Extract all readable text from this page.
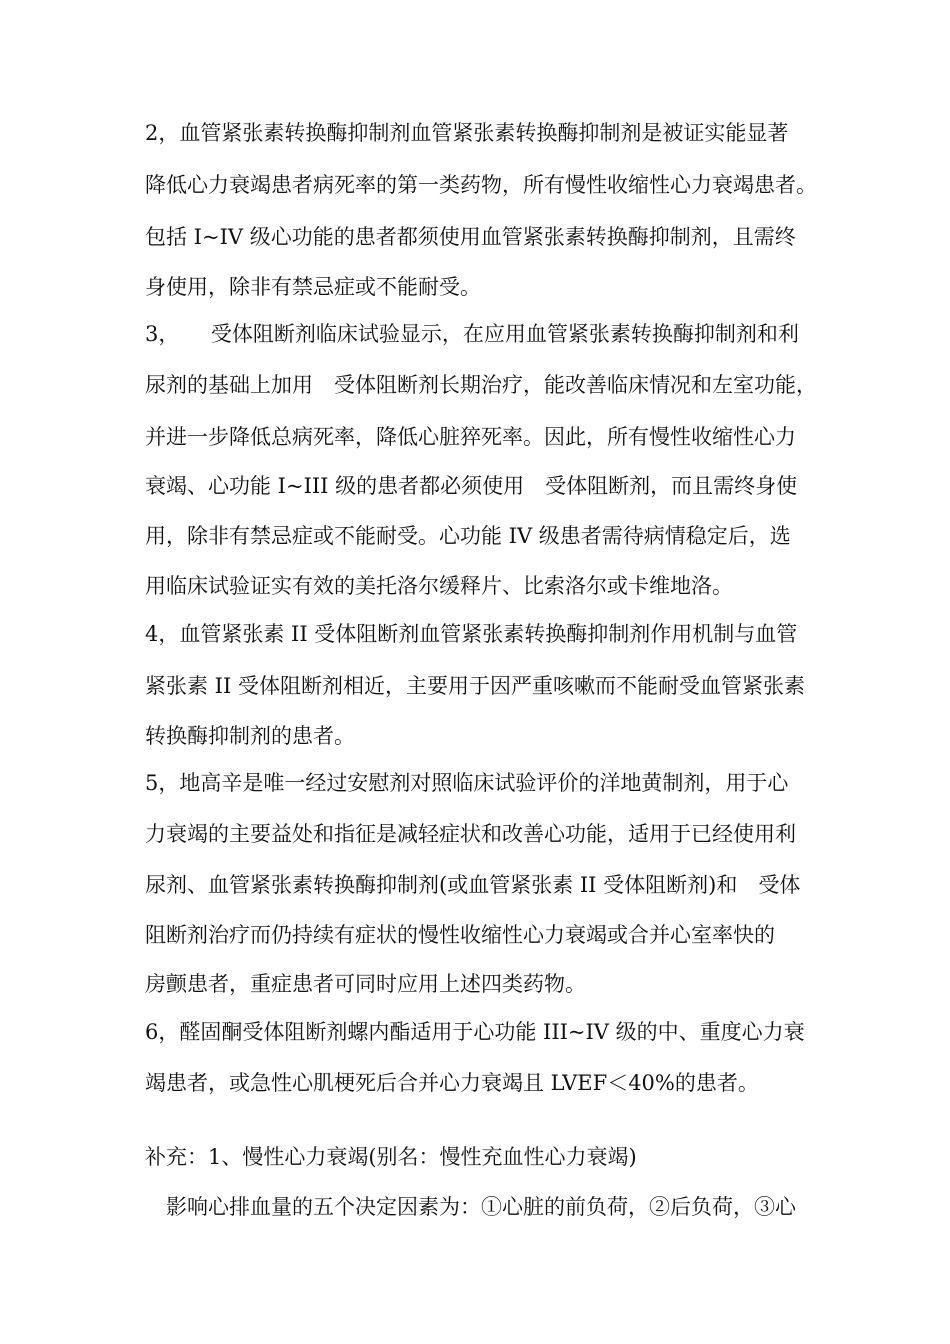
2，血管紧张素转换酶抑制剂血管紧张素转换酶抑制剂是被证实能显著
降低心力衰竭患者病死率的第一类药物，所有慢性收缩性心力衰竭患者。
包括 I~IV 级心功能的患者都须使用血管紧张素转换酶抑制剂，且需终
身使用，除非有禁忌症或不能耐受。
3，　　受体阻断剂临床试验显示，在应用血管紧张素转换酶抑制剂和利
尿剂的基础上加用　受体阻断剂长期治疗，能改善临床情况和左室功能，
并进一步降低总病死率，降低心脏猝死率。因此，所有慢性收缩性心力
衰竭、心功能 I~III 级的患者都必须使用　受体阻断剂，而且需终身使
用，除非有禁忌症或不能耐受。心功能 IV 级患者需待病情稳定后，选
用临床试验证实有效的美托洛尔缓释片、比索洛尔或卡维地洛。
4，血管紧张素 II 受体阻断剂血管紧张素转换酶抑制剂作用机制与血管
紧张素 II 受体阻断剂相近，主要用于因严重咳嗽而不能耐受血管紧张素
转换酶抑制剂的患者。
5，地高辛是唯一经过安慰剂对照临床试验评价的洋地黄制剂，用于心
力衰竭的主要益处和指征是减轻症状和改善心功能，适用于已经使用利
尿剂、血管紧张素转换酶抑制剂(或血管紧张素 II 受体阻断剂)和　受体
阻断剂治疗而仍持续有症状的慢性收缩性心力衰竭或合并心室率快的
房颤患者，重症患者可同时应用上述四类药物。
6，醛固酮受体阻断剂螺内酯适用于心功能 III~IV 级的中、重度心力衰
竭患者，或急性心肌梗死后合并心力衰竭且 LVEF＜40%的患者。
补充：1、慢性心力衰竭(别名：慢性充血性心力衰竭)
　影响心排血量的五个决定因素为：①心脏的前负荷，②后负荷，③心
